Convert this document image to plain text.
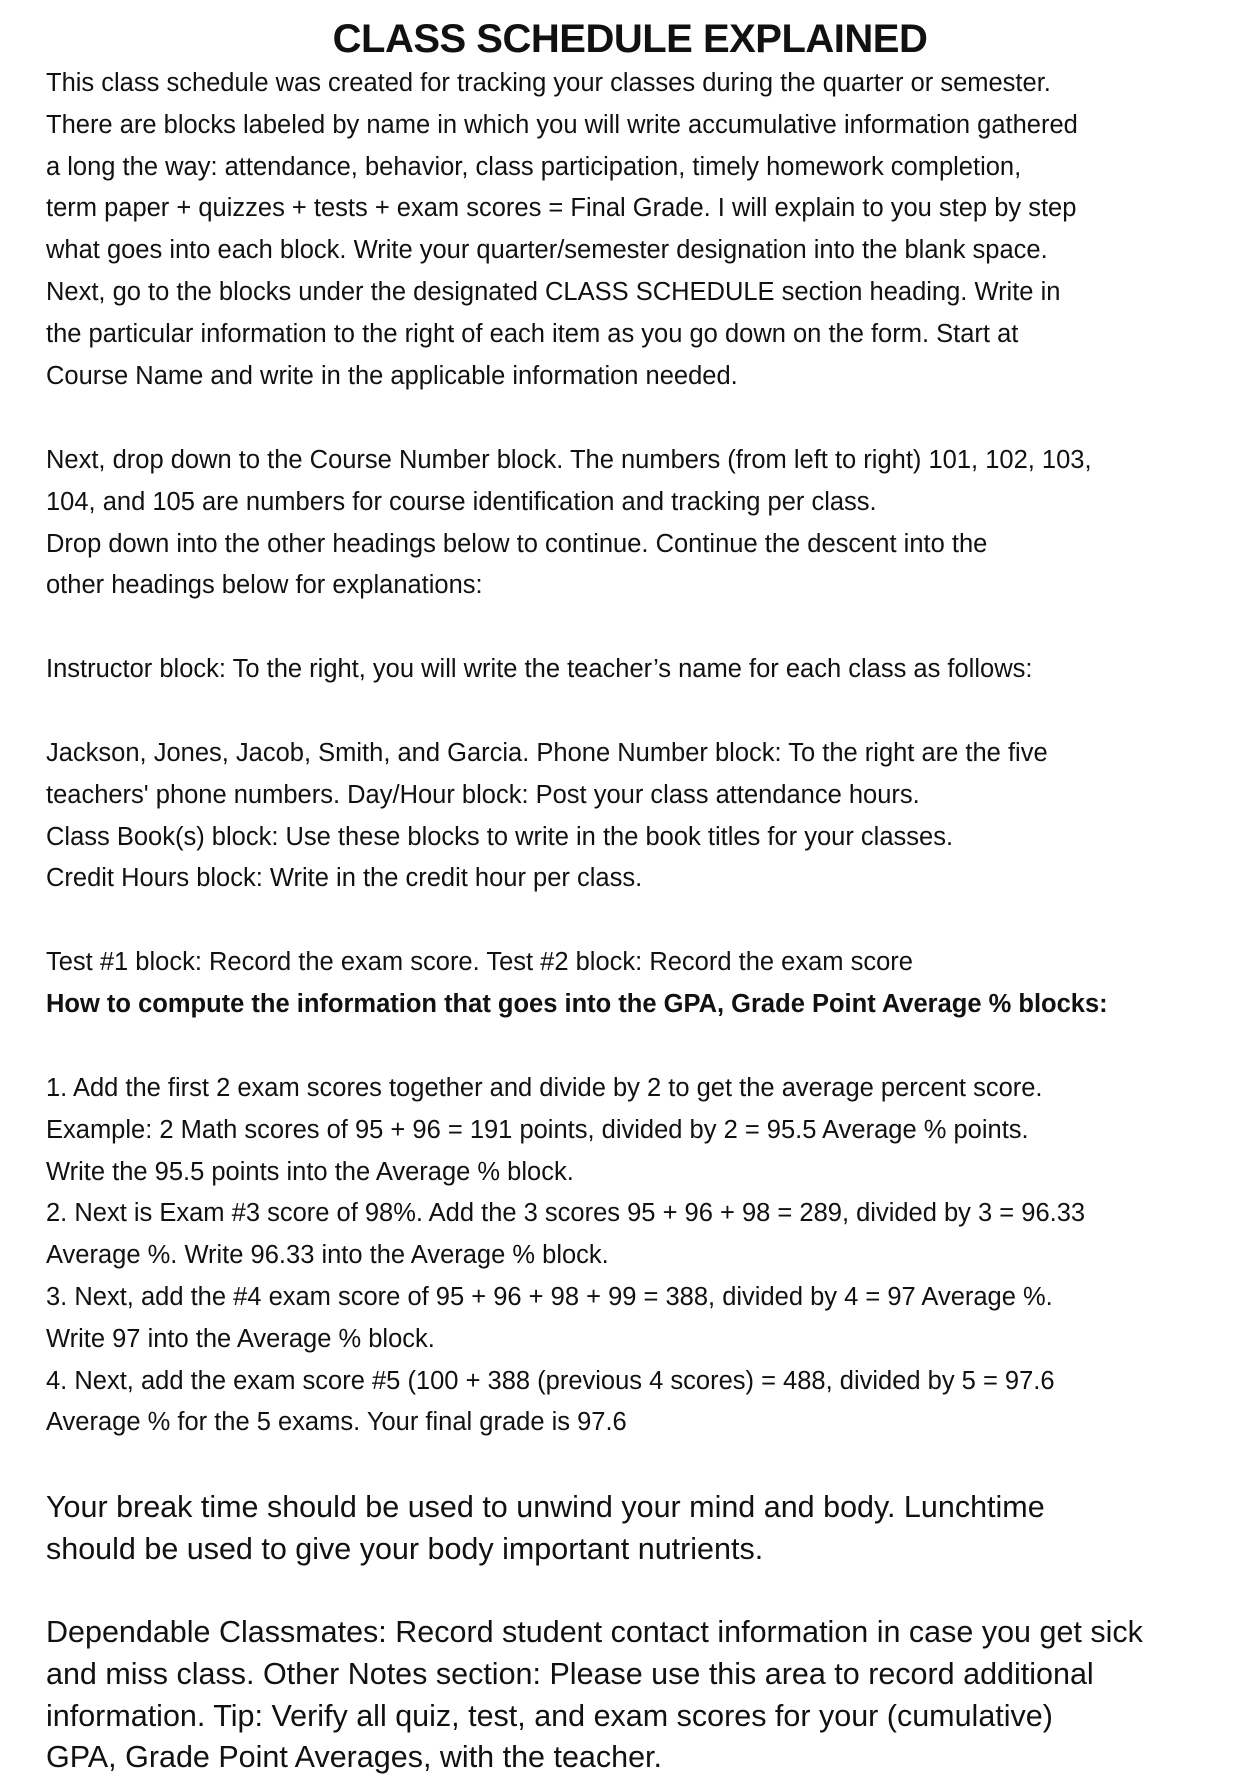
CLASS SCHEDULE EXPLAINED
This class schedule was created for tracking your classes during the quarter or semester.
There are blocks labeled by name in which you will write accumulative information gathered
a long the way: attendance, behavior, class participation, timely homework completion,
term paper + quizzes + tests + exam scores = Final Grade. I will explain to you step by step
what goes into each block. Write your quarter/semester designation into the blank space.
Next, go to the blocks under the designated CLASS SCHEDULE section heading. Write in
the particular information to the right of each item as you go down on the form. Start at
Course Name and write in the applicable information needed.
Next, drop down to the Course Number block. The numbers (from left to right) 101, 102, 103,
104, and 105 are numbers for course identification and tracking per class.
Drop down into the other headings below to continue. Continue the descent into the
other headings below for explanations:
Instructor block: To the right, you will write the teacher’s name for each class as follows:
Jackson, Jones, Jacob, Smith, and Garcia. Phone Number block: To the right are the five
teachers' phone numbers. Day/Hour block: Post your class attendance hours.
Class Book(s) block: Use these blocks to write in the book titles for your classes.
Credit Hours block: Write in the credit hour per class.
Test #1 block: Record the exam score. Test #2 block: Record the exam score
How to compute the information that goes into the GPA, Grade Point Average % blocks:
1. Add the first 2 exam scores together and divide by 2 to get the average percent score.
Example: 2 Math scores of 95 + 96 = 191 points, divided by 2 = 95.5 Average % points.
Write the 95.5 points into the Average % block.
2. Next is Exam #3 score of 98%. Add the 3 scores 95 + 96 + 98 = 289, divided by 3 = 96.33
Average %. Write 96.33 into the Average % block.
3. Next, add the #4 exam score of 95 + 96 + 98 + 99 = 388, divided by 4 = 97 Average %.
Write 97 into the Average % block.
4. Next, add the exam score #5 (100 + 388 (previous 4 scores) = 488, divided by 5 = 97.6
Average % for the 5 exams. Your final grade is 97.6
Your break time should be used to unwind your mind and body. Lunchtime
should be used to give your body important nutrients.
Dependable Classmates: Record student contact information in case you get sick
and miss class. Other Notes section: Please use this area to record additional
information. Tip: Verify all quiz, test, and exam scores for your (cumulative)
GPA, Grade Point Averages, with the teacher.
